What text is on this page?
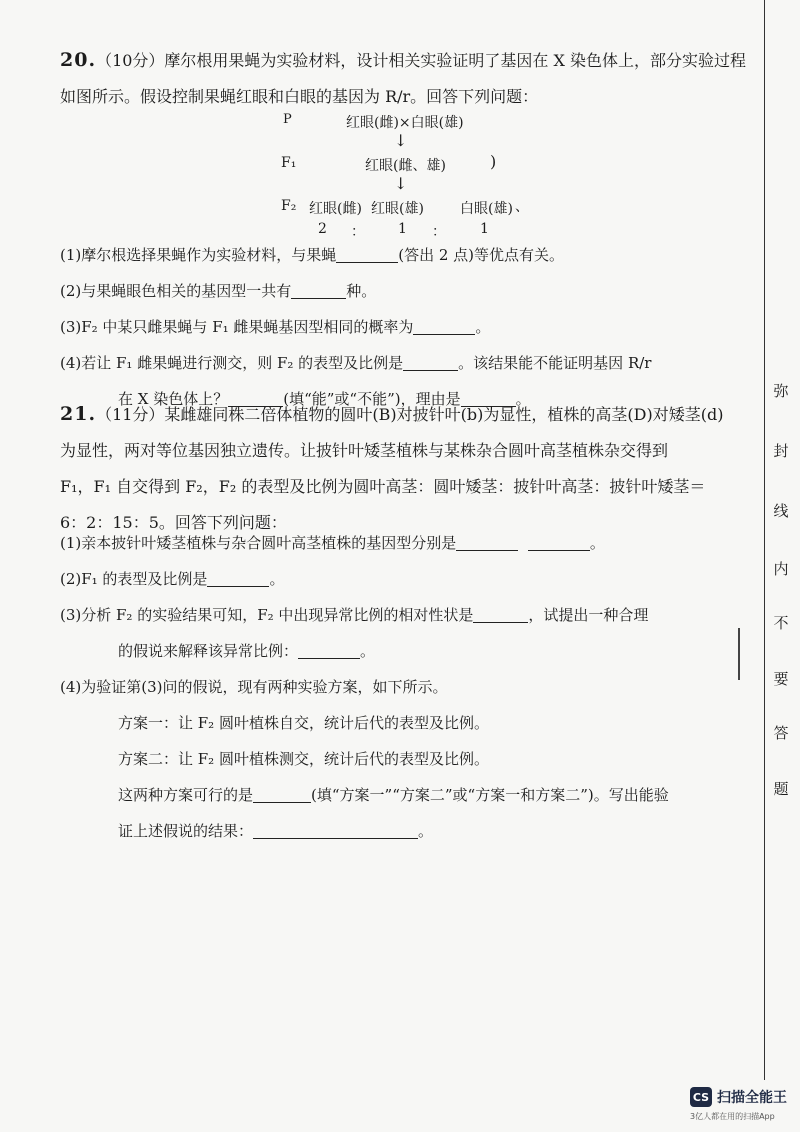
20.（10分）摩尔根用果蝇为实验材料，设计相关实验证明了基因在 X 染色体上，部分实验过程
如图所示。假设控制果蝇红眼和白眼的基因为 R/r。回答下列问题：
P	红眼(雌)×白眼(雄)
↓
F₁	红眼(雌、雄)	)
↓
F₂ 红眼(雌) 红眼(雄)	白眼(雄) 、
2 ： 1 ： 1
(1)摩尔根选择果蝇作为实验材料，与果蝇	(答出 2 点)等优点有关。
(2)与果蝇眼色相关的基因型一共有	种。
(3)F₂ 中某只雌果蝇与 F₁ 雌果蝇基因型相同的概率为	。
(4)若让 F₁ 雌果蝇进行测交，则 F₂ 的表型及比例是	。该结果能不能证明基因 R/r
在 X 染色体上？	(填“能”或“不能”)，理由是	。
21.（11分）某雌雄同株二倍体植物的圆叶(B)对披针叶(b)为显性，植株的高茎(D)对矮茎(d)
为显性，两对等位基因独立遗传。让披针叶矮茎植株与某株杂合圆叶高茎植株杂交得到
F₁，F₁ 自交得到 F₂，F₂ 的表型及比例为圆叶高茎：圆叶矮茎：披针叶高茎：披针叶矮茎＝
6：2：15：5。回答下列问题：
(1)亲本披针叶矮茎植株与杂合圆叶高茎植株的基因型分别是	。
(2)F₁ 的表型及比例是	。
(3)分析 F₂ 的实验结果可知，F₂ 中出现异常比例的相对性状是	，试提出一种合理
的假说来解释该异常比例：	。
(4)为验证第(3)问的假说，现有两种实验方案，如下所示。
方案一：让 F₂ 圆叶植株自交，统计后代的表型及比例。
方案二：让 F₂ 圆叶植株测交，统计后代的表型及比例。
这两种方案可行的是	(填“方案一”“方案二”或“方案一和方案二”)。写出能验
证上述假说的结果：	。
弥
封
线
内
不
要
答
题
CS 扫描全能王
3亿人都在用的扫描App
